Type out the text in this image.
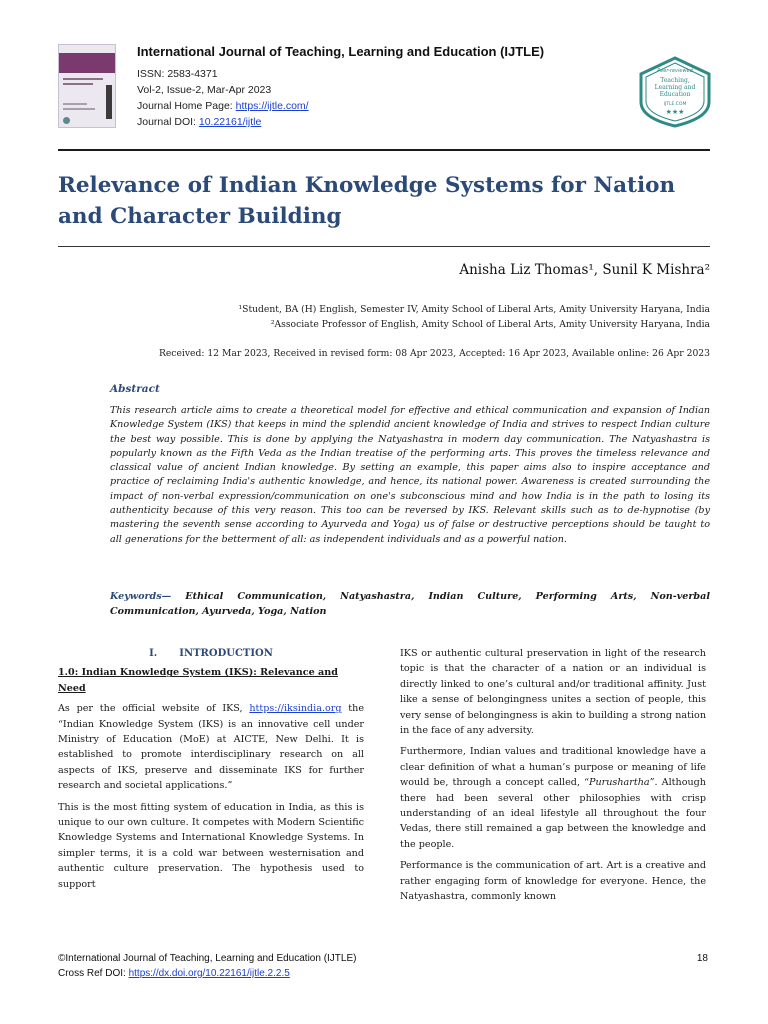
International Journal of Teaching, Learning and Education (IJTLE)
ISSN: 2583-4371
Vol-2, Issue-2, Mar-Apr 2023
Journal Home Page: https://ijtle.com/
Journal DOI: 10.22161/ijtle
Peer-reviewed
Teaching,
Learning and
Education
IJTLE.COM
★★★
Relevance of Indian Knowledge Systems for Nation and Character Building
Anisha Liz Thomas¹, Sunil K Mishra²
¹Student, BA (H) English, Semester IV, Amity School of Liberal Arts, Amity University Haryana, India
²Associate Professor of English, Amity School of Liberal Arts, Amity University Haryana, India
Received: 12 Mar 2023, Received in revised form: 08 Apr 2023, Accepted: 16 Apr 2023, Available online: 26 Apr 2023
Abstract

This research article aims to create a theoretical model for effective and ethical communication and expansion of Indian Knowledge System (IKS) that keeps in mind the splendid ancient knowledge of India and strives to respect Indian culture the best way possible. This is done by applying the Natyashastra in modern day communication. The Natyashastra is popularly known as the Fifth Veda as the Indian treatise of the performing arts. This proves the timeless relevance and classical value of ancient Indian knowledge. By setting an example, this paper aims also to inspire acceptance and practice of reclaiming India's authentic knowledge, and hence, its national power. Awareness is created surrounding the impact of non-verbal expression/communication on one's subconscious mind and how India is in the path to losing its authenticity because of this very reason. This too can be reversed by IKS. Relevant skills such as to de-hypnotise (by mastering the seventh sense according to Ayurveda and Yoga) us of false or destructive perceptions should be taught to all generations for the betterment of all: as independent individuals and as a powerful nation.

Keywords— Ethical Communication, Natyashastra, Indian Culture, Performing Arts, Non-verbal Communication, Ayurveda, Yoga, Nation

I. INTRODUCTION
1.0: Indian Knowledge System (IKS): Relevance and Need

As per the official website of IKS, https://iksindia.org the “Indian Knowledge System (IKS) is an innovative cell under Ministry of Education (MoE) at AICTE, New Delhi. It is established to promote interdisciplinary research on all aspects of IKS, preserve and disseminate IKS for further research and societal applications.”

This is the most fitting system of education in India, as this is unique to our own culture. It competes with Modern Scientific Knowledge Systems and International Knowledge Systems. In simpler terms, it is a cold war between westernisation and authentic culture preservation. The hypothesis used to support

IKS or authentic cultural preservation in light of the research topic is that the character of a nation or an individual is directly linked to one’s cultural and/or traditional affinity. Just like a sense of belongingness unites a section of people, this very sense of belongingness is akin to building a strong nation in the face of any adversity.

Furthermore, Indian values and traditional knowledge have a clear definition of what a human’s purpose or meaning of life would be, through a concept called, “Purushartha”. Although there had been several other philosophies with crisp understanding of an ideal lifestyle all throughout the four Vedas, there still remained a gap between the knowledge and the people.

Performance is the communication of art. Art is a creative and rather engaging form of knowledge for everyone. Hence, the Natyashastra, commonly known

©International Journal of Teaching, Learning and Education (IJTLE)
Cross Ref DOI: https://dx.doi.org/10.22161/ijtle.2.2.5
18
